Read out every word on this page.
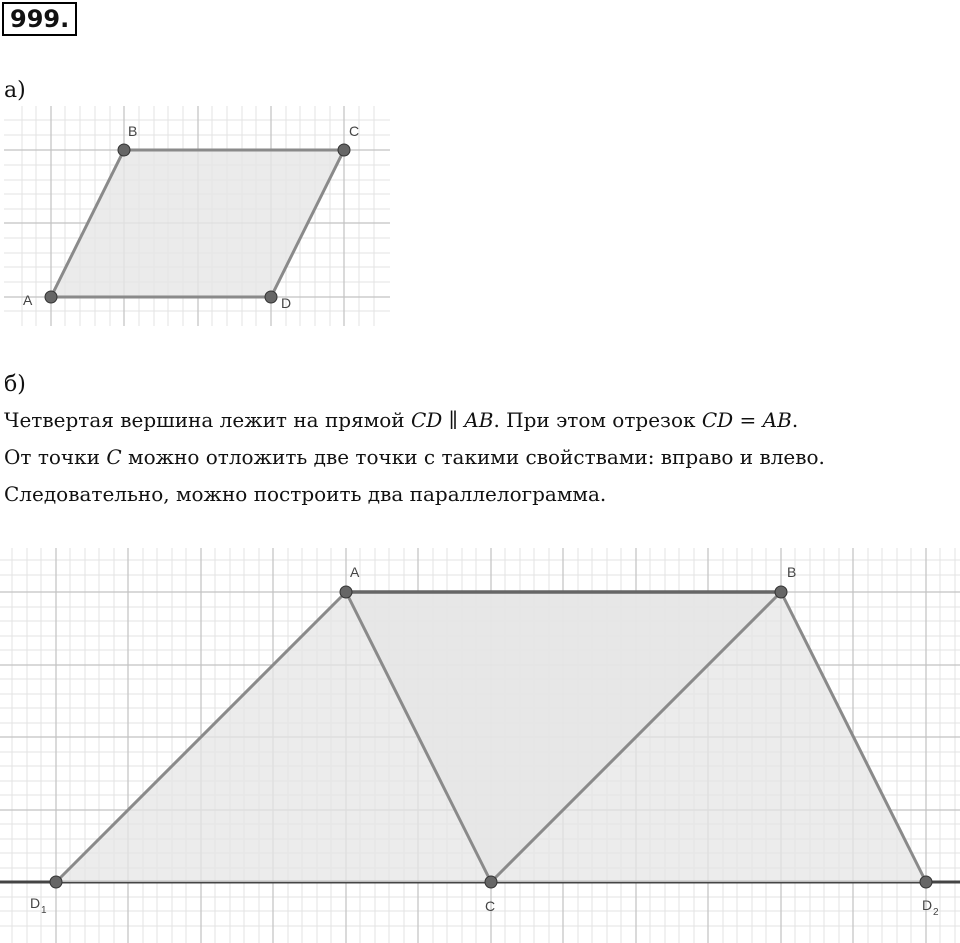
999.
а)
A
B	C
D
б)
Четвертая вершина лежит на прямой CD ∥ AB. При этом отрезок CD = AB.
От точки C можно отложить две точки с такими свойствами: вправо и влево.
Следовательно, можно построить два параллелограмма.
A	B
C
D 1	D 2
